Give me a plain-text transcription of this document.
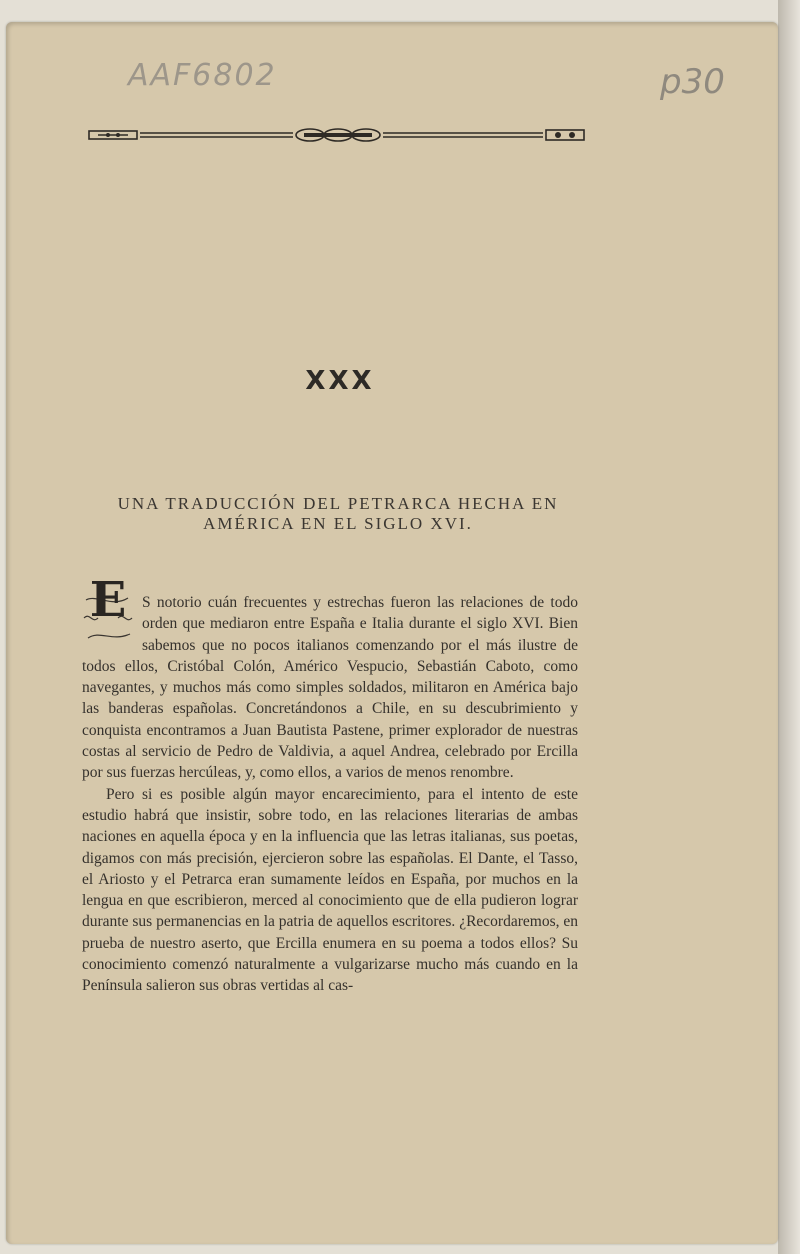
AAF6802	p30
XXX
UNA TRADUCCIÓN DEL PETRARCA HECHA EN
AMÉRICA EN EL SIGLO XVI.

E	S notorio cuán frecuentes y estrechas fueron las relaciones de todo orden que mediaron entre España e Italia durante el siglo XVI. Bien sabemos que no pocos italianos comenzando por el más ilustre de todos ellos, Cristóbal Colón, Américo Vespucio, Sebastián Caboto, como navegantes, y muchos más como simples soldados, militaron en América bajo las banderas españolas. Concretándonos a Chile, en su descubrimiento y conquista encontramos a Juan Bautista Pastene, primer explorador de nuestras costas al servicio de Pedro de Valdivia, a aquel Andrea, celebrado por Ercilla por sus fuerzas hercúleas, y, como ellos, a varios de menos renombre.

Pero si es posible algún mayor encarecimiento, para el intento de este estudio habrá que insistir, sobre todo, en las relaciones literarias de ambas naciones en aquella época y en la influencia que las letras italianas, sus poetas, digamos con más precisión, ejercieron sobre las españolas. El Dante, el Tasso, el Ariosto y el Petrarca eran sumamente leídos en España, por muchos en la lengua en que escribieron, merced al conocimiento que de ella pudieron lograr durante sus permanencias en la patria de aquellos escritores. ¿Recordaremos, en prueba de nuestro aserto, que Ercilla enumera en su poema a todos ellos? Su conocimiento comenzó naturalmente a vulgarizarse mucho más cuando en la Península salieron sus obras vertidas al cas-
